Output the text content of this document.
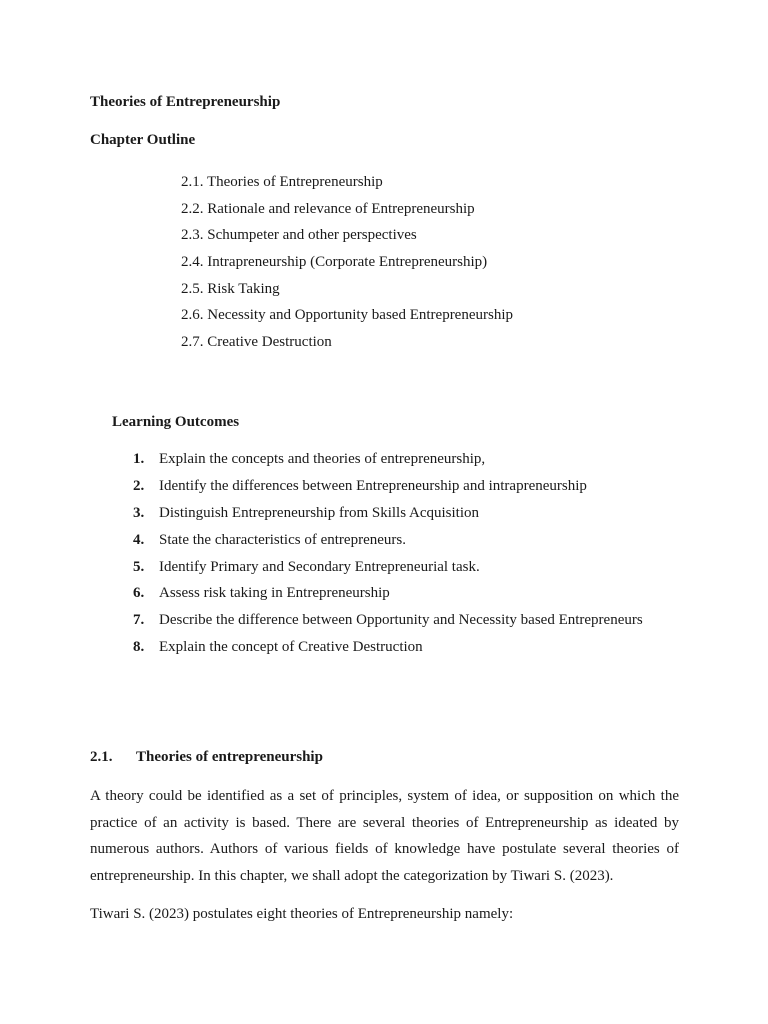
Theories of Entrepreneurship
Chapter Outline
2.1. Theories of Entrepreneurship
2.2. Rationale and relevance of Entrepreneurship
2.3. Schumpeter and other perspectives
2.4. Intrapreneurship (Corporate Entrepreneurship)
2.5. Risk Taking
2.6. Necessity and Opportunity based Entrepreneurship
2.7. Creative Destruction
Learning Outcomes
1. Explain the concepts and theories of entrepreneurship,
2. Identify the differences between Entrepreneurship and intrapreneurship
3. Distinguish Entrepreneurship from Skills Acquisition
4. State the characteristics of entrepreneurs.
5. Identify Primary and Secondary Entrepreneurial task.
6. Assess risk taking in Entrepreneurship
7. Describe the difference between Opportunity and Necessity based Entrepreneurs
8. Explain the concept of Creative Destruction
2.1. Theories of entrepreneurship

A theory could be identified as a set of principles, system of idea, or supposition on which the practice of an activity is based. There are several theories of Entrepreneurship as ideated by numerous authors. Authors of various fields of knowledge have postulate several theories of entrepreneurship. In this chapter, we shall adopt the categorization by Tiwari S. (2023).

Tiwari S. (2023) postulates eight theories of Entrepreneurship namely:
